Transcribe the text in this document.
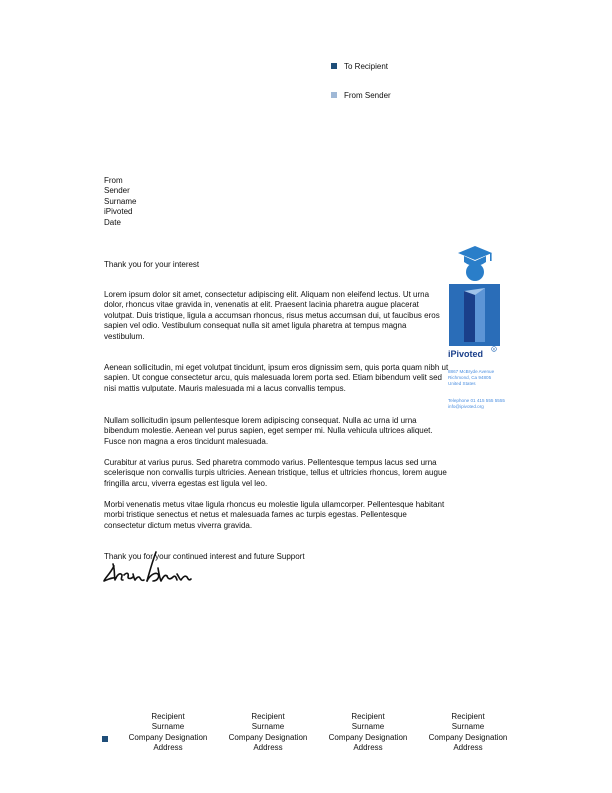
To Recipient
From Sender
From
Sender
Surname
iPivoted
Date
Thank you for your interest

Lorem ipsum dolor sit amet, consectetur adipiscing elit. Aliquam non eleifend lectus. Ut urna dolor, rhoncus vitae gravida in, venenatis at elit. Praesent lacinia pharetra augue placerat volutpat. Duis tristique, ligula a accumsan rhoncus, risus metus accumsan dui, ut faucibus eros sapien vel odio. Vestibulum consequat nulla sit amet ligula pharetra at tempus magna vestibulum.

Aenean sollicitudin, mi eget volutpat tincidunt, ipsum eros dignissim sem, quis porta quam nibh ut sapien. Ut congue consectetur arcu, quis malesuada lorem porta sed. Etiam bibendum velit sed nisi mattis vulputate. Mauris malesuada mi a lacus convallis tempus.

Nullam sollicitudin ipsum pellentesque lorem adipiscing consequat. Nulla ac urna id urna bibendum molestie. Aenean vel purus sapien, eget semper mi. Nulla vehicula ultrices aliquet. Fusce non magna a eros tincidunt malesuada.

Curabitur at varius purus. Sed pharetra commodo varius. Pellentesque tempus lacus sed urna scelerisque non convallis turpis ultricies. Aenean tristique, tellus et ultricies rhoncus, lorem augue fringilla arcu, viverra egestas est ligula vel leo.

Morbi venenatis metus vitae ligula rhoncus eu molestie ligula ullamcorper. Pellentesque habitant morbi tristique senectus et netus et malesuada fames ac turpis egestas. Pellentesque consectetur dictum metus viverra gravida.

Thank you for your continued interest and future Support
R
iPivoted
8867 McBryde Avenue
Richmond, Ca 94805
United States
Telephone 01 415 555 5555
info@ipivoted.org
Recipient
Surname
Company Designation
Address
Recipient
Surname
Company Designation
Address
Recipient
Surname
Company Designation
Address
Recipient
Surname
Company Designation
Address
